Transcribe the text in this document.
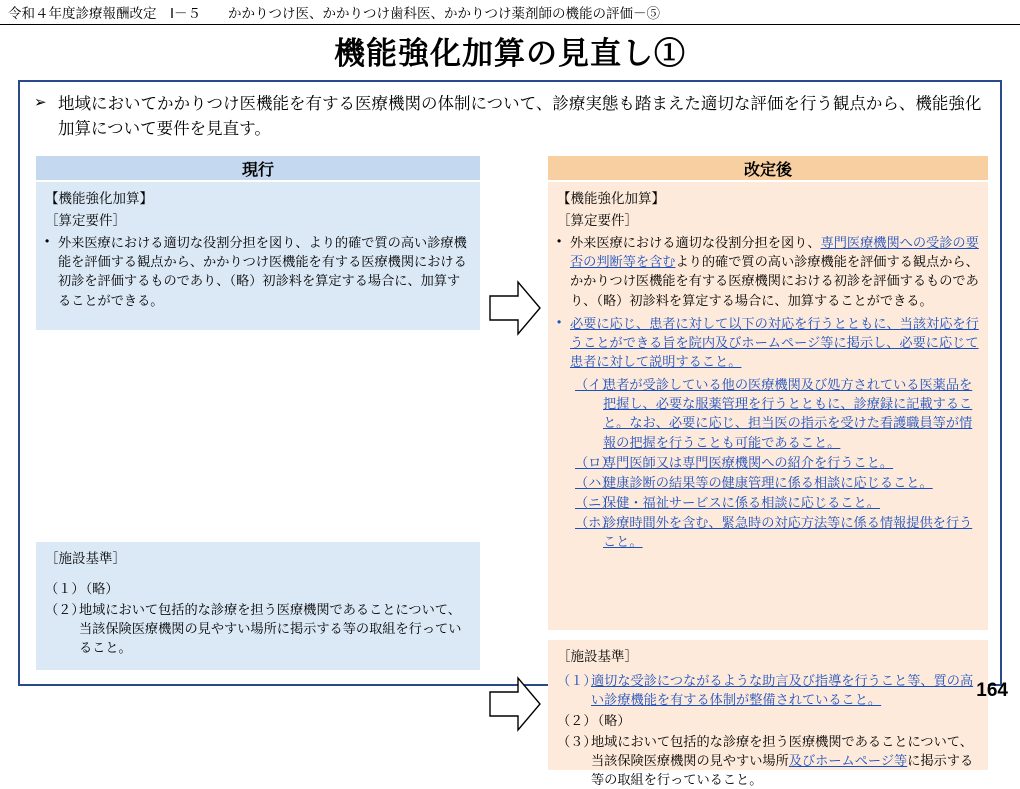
令和４年度診療報酬改定　Ⅰ－５　　かかりつけ医、かかりつけ歯科医、かかりつけ薬剤師の機能の評価－⑤
機能強化加算の見直し①
➢ 地域においてかかりつけ医機能を有する医療機関の体制について、診療実態も踏まえた適切な評価を行う観点から、機能強化加算について要件を見直す。
現行	改定後
【機能強化加算】
［算定要件］
• 外来医療における適切な役割分担を図り、より的確で質の高い診療機能を評価する観点から、かかりつけ医機能を有する医療機関における初診を評価するものであり、（略）初診料を算定する場合に、加算することができる。
［施設基準］
（１）
（略）
（２）
地域において包括的な診療を担う医療機関であることについて、当該保険医療機関の見やすい場所に掲示する等の取組を行っていること。
【機能強化加算】
［算定要件］
• 外来医療における適切な役割分担を図り、専門医療機関への受診の要否の判断等を含むより的確で質の高い診療機能を評価する観点から、かかりつけ医機能を有する医療機関における初診を評価するものであり、（略）初診料を算定する場合に、加算することができる。
• 必要に応じ、患者に対して以下の対応を行うとともに、当該対応を行うことができる旨を院内及びホームページ等に掲示し、必要に応じて患者に対して説明すること。
（イ）
患者が受診している他の医療機関及び処方されている医薬品を把握し、必要な服薬管理を行うとともに、診療録に記載すること。なお、必要に応じ、担当医の指示を受けた看護職員等が情報の把握を行うことも可能であること。
（ロ）
専門医師又は専門医療機関への紹介を行うこと。
（ハ）
健康診断の結果等の健康管理に係る相談に応じること。
（ニ）
保健・福祉サービスに係る相談に応じること。
（ホ）
診療時間外を含む、緊急時の対応方法等に係る情報提供を行うこと。
［施設基準］
（１）
適切な受診につながるような助言及び指導を行うこと等、質の高い診療機能を有する体制が整備されていること。
（２）
（略）
（３）
地域において包括的な診療を担う医療機関であることについて、当該保険医療機関の見やすい場所及びホームページ等に掲示する等の取組を行っていること。
164
